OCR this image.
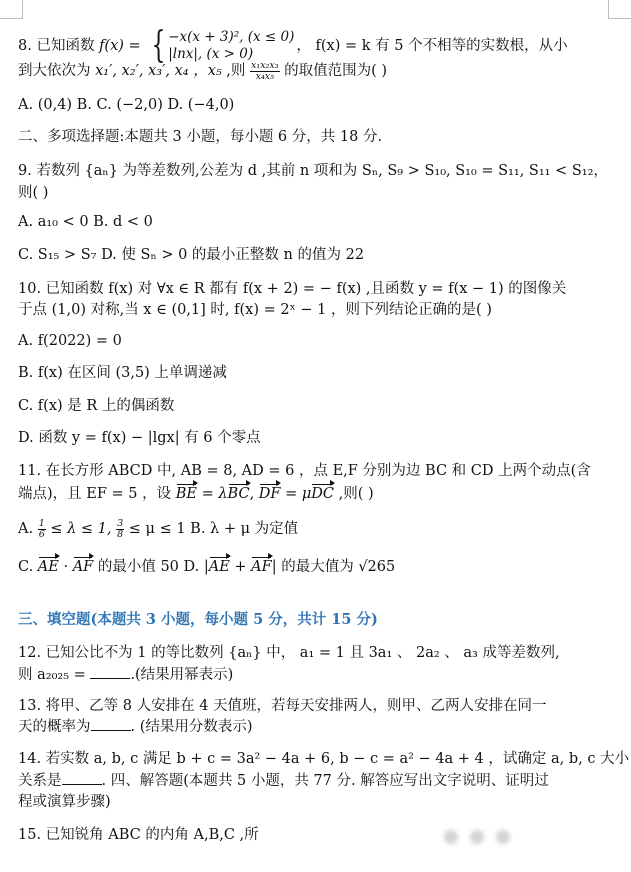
8. 已知函数 f(x) = { −x(x + 3)², (x ≤ 0)
|lnx|, (x > 0)	， f(x) = k 有 5 个不相等的实数根，从小
到大依次为 x₁′, x₂′, x₃′, x₄ ，x₅ ,则 $\frac{\text{x₁x₂x₃}}{\text{x₄x₅}}$ 的取值范围为( )
A. (0,4) B. C. (−2,0) D. (−4,0)
二、多项选择题:本题共 3 小题，每小题 6 分，共 18 分.
9. 若数列 {aₙ} 为等差数列,公差为 d ,其前 n 项和为 Sₙ, S₉ > S₁₀, S₁₀ = S₁₁, S₁₁ < S₁₂，
则( )
A. a₁₀ < 0 B. d < 0
C. S₁₅ > S₇ D. 使 Sₙ > 0 的最小正整数 n 的值为 22
10. 已知函数 f(x) 对 ∀x ∈ R 都有 f(x + 2) = − f(x) ,且函数 y = f(x − 1) 的图像关
于点 (1,0) 对称,当 x ∈ (0,1] 时, f(x) = 2ˣ − 1 ，则下列结论正确的是( )
A. f(2022) = 0
B. f(x) 在区间 (3,5) 上单调递减
C. f(x) 是 R 上的偶函数
D. 函数 y = f(x) − |lgx| 有 6 个零点
11. 在长方形 ABCD 中, AB = 8, AD = 6 ，点 E,F 分别为边 BC 和 CD 上两个动点(含
端点)，且 EF = 5 ，设 BE = λBC, DF = μDC ,则( )
A. $\frac{1}{6} \le \lambda \le 1$, $\frac{3}{8} \le \mu \le 1$ B. λ + μ 为定值
C. AE · AF 的最小值 50 D. |AE + AF| 的最大值为 √265
三、填空题(本题共 3 小题，每小题 5 分，共计 15 分)
12. 已知公比不为 1 的等比数列 {aₙ} 中， a₁ = 1 且 3a₁ 、 2a₂ 、 a₃ 成等差数列,
则 a₂₀₂₅ =	.(结果用幂表示)
13. 将甲、乙等 8 人安排在 4 天值班，若每天安排两人，则甲、乙两人安排在同一
天的概率为	. (结果用分数表示)
14. 若实数 a, b, c 满足 b + c = 3a² − 4a + 6, b − c = a² − 4a + 4 ，试确定 a, b, c 大小
关系是	. 四、解答题(本题共 5 小题，共 77 分. 解答应写出文字说明、证明过
程或演算步骤)
15. 已知锐角 ABC 的内角 A,B,C ,所
